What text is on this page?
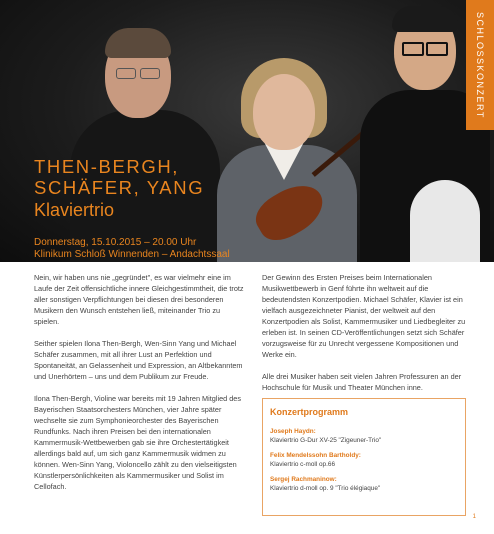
SCHLOSSKONZERT
THEN-BERGH,
SCHÄFER, YANG
Klaviertrio
Donnerstag, 15.10.2015 – 20.00 Uhr
Klinikum Schloß Winnenden – Andachtssaal

Nein, wir haben uns nie „gegründet", es war vielmehr eine im Laufe der Zeit offensichtliche innere Gleichgestimmtheit, die trotz aller sonstigen Verpflichtungen bei diesen drei besonderen Musikern den Wunsch entstehen ließ, miteinander Trio zu spielen.

Seither spielen Ilona Then-Bergh, Wen-Sinn Yang und Michael Schäfer zusammen, mit all ihrer Lust an Perfektion und Spontaneität, an Gelassenheit und Expression, an Altbekanntem und Unerhörtem – uns und dem Publikum zur Freude.

Ilona Then-Bergh, Violine war bereits mit 19 Jahren Mitglied des Bayerischen Staatsorchesters München, vier Jahre später wechselte sie zum Symphonieorchester des Bayerischen Rundfunks. Nach ihren Preisen bei den internationalen Kammermusik-Wettbewerben gab sie ihre Orchestertätigkeit allerdings bald auf, um sich ganz Kammermusik widmen zu können. Wen-Sinn Yang, Violoncello zählt zu den vielseitigsten Künstlerpersönlichkeiten als Kammermusiker und Solist im Cellofach.

Der Gewinn des Ersten Preises beim Internationalen Musikwettbewerb in Genf führte ihn weltweit auf die bedeutendsten Konzertpodien. Michael Schäfer, Klavier ist ein vielfach ausgezeichneter Pianist, der weltweit auf den Konzertpodien als Solist, Kammermusiker und Liedbegleiter zu erleben ist. In seinen CD-Veröffentlichungen setzt sich Schäfer vorzugsweise für zu Unrecht vergessene Kompositionen und Werke ein.

Alle drei Musiker haben seit vielen Jahren Professuren an der Hochschule für Musik und Theater München inne.

Konzertprogramm
Joseph Haydn:
Klaviertrio G-Dur XV-25 "Zigeuner-Trio"
Felix Mendelssohn Bartholdy:
Klaviertrio c-moll op.66
Sergej Rachmaninow:
Klaviertrio d-moll op. 9 "Trio élégiaque"
1
